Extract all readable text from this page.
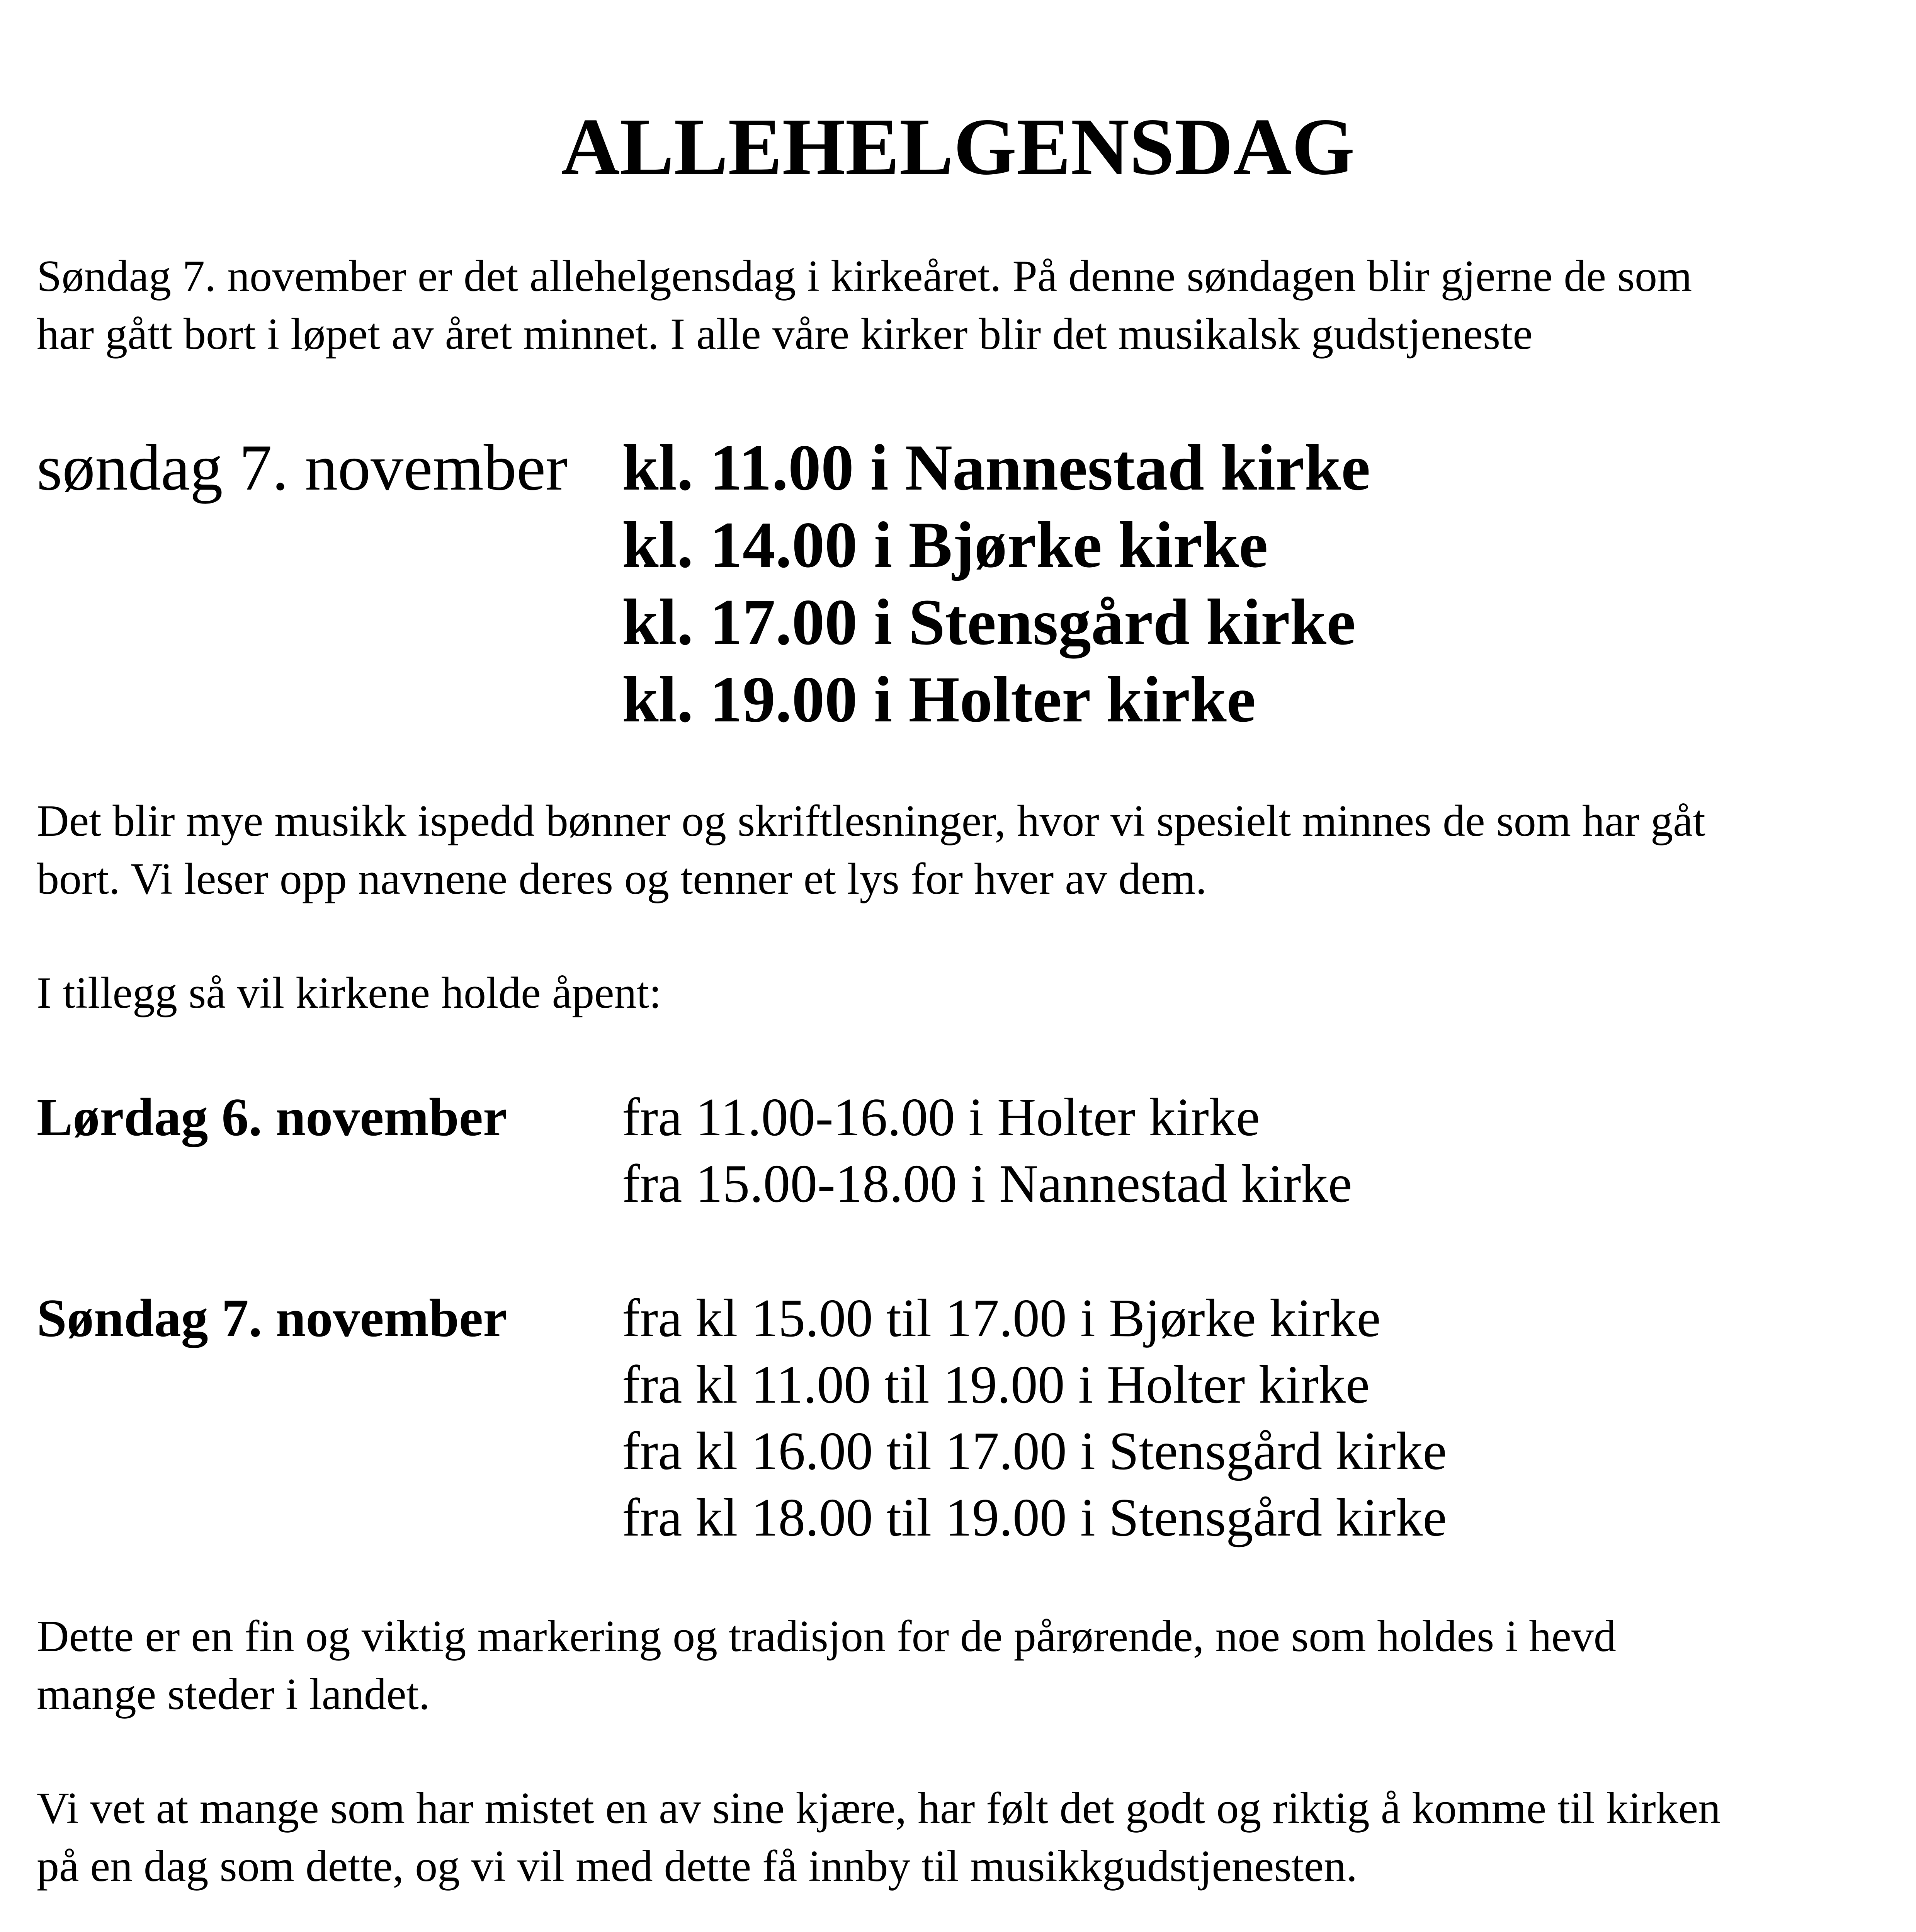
ALLEHELGENSDAG
Søndag 7. november er det allehelgensdag i kirkeåret. På denne søndagen blir gjerne de som
har gått bort i løpet av året minnet. I alle våre kirker blir det musikalsk gudstjeneste
søndag 7. november kl. 11.00 i Nannestad kirke
kl. 14.00 i Bjørke kirke
kl. 17.00 i Stensgård kirke
kl. 19.00 i Holter kirke
Det blir mye musikk ispedd bønner og skriftlesninger, hvor vi spesielt minnes de som har gåt
bort. Vi leser opp navnene deres og tenner et lys for hver av dem.
I tillegg så vil kirkene holde åpent:
Lørdag 6. november fra 11.00-16.00 i Holter kirke
fra 15.00-18.00 i Nannestad kirke
Søndag 7. november fra kl 15.00 til 17.00 i Bjørke kirke
fra kl 11.00 til 19.00 i Holter kirke
fra kl 16.00 til 17.00 i Stensgård kirke
fra kl 18.00 til 19.00 i Stensgård kirke
Dette er en fin og viktig markering og tradisjon for de pårørende, noe som holdes i hevd
mange steder i landet.
Vi vet at mange som har mistet en av sine kjære, har følt det godt og riktig å komme til kirken
på en dag som dette, og vi vil med dette få innby til musikkgudstjenesten.
